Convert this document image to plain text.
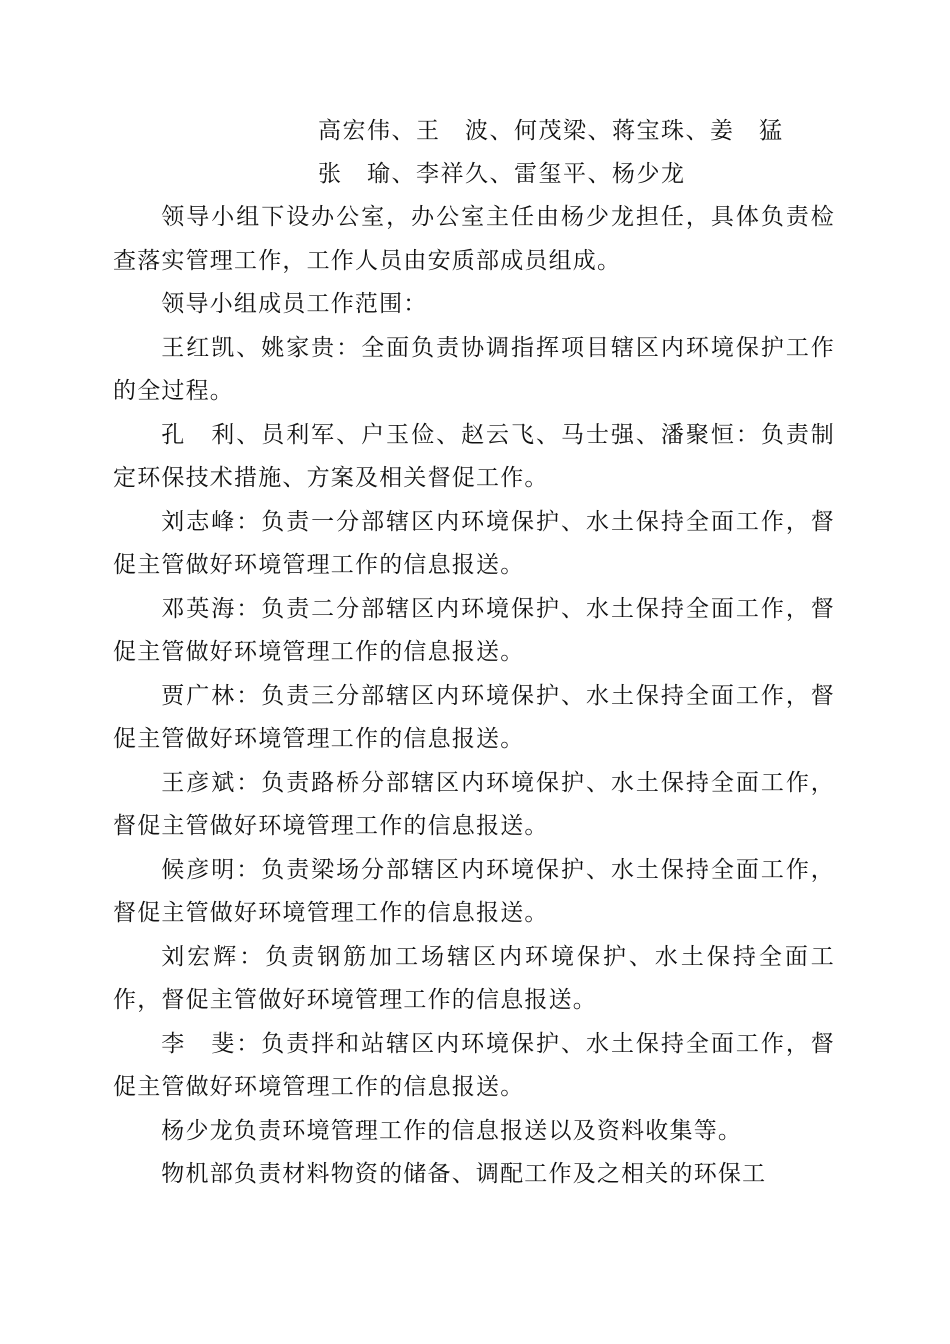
高宏伟、王　波、何茂梁、蒋宝珠、姜　猛
张　瑜、李祥久、雷玺平、杨少龙

领导小组下设办公室，办公室主任由杨少龙担任，具体负责检查落实管理工作，工作人员由安质部成员组成。

领导小组成员工作范围：

王红凯、姚家贵：全面负责协调指挥项目辖区内环境保护工作的全过程。

孔　利、员利军、户玉俭、赵云飞、马士强、潘聚恒：负责制定环保技术措施、方案及相关督促工作。

刘志峰：负责一分部辖区内环境保护、水土保持全面工作，督促主管做好环境管理工作的信息报送。

邓英海：负责二分部辖区内环境保护、水土保持全面工作，督促主管做好环境管理工作的信息报送。

贾广林：负责三分部辖区内环境保护、水土保持全面工作，督促主管做好环境管理工作的信息报送。

王彦斌：负责路桥分部辖区内环境保护、水土保持全面工作，督促主管做好环境管理工作的信息报送。

候彦明：负责梁场分部辖区内环境保护、水土保持全面工作，督促主管做好环境管理工作的信息报送。

刘宏辉：负责钢筋加工场辖区内环境保护、水土保持全面工作，督促主管做好环境管理工作的信息报送。

李　斐：负责拌和站辖区内环境保护、水土保持全面工作，督促主管做好环境管理工作的信息报送。

杨少龙负责环境管理工作的信息报送以及资料收集等。

物机部负责材料物资的储备、调配工作及之相关的环保工
